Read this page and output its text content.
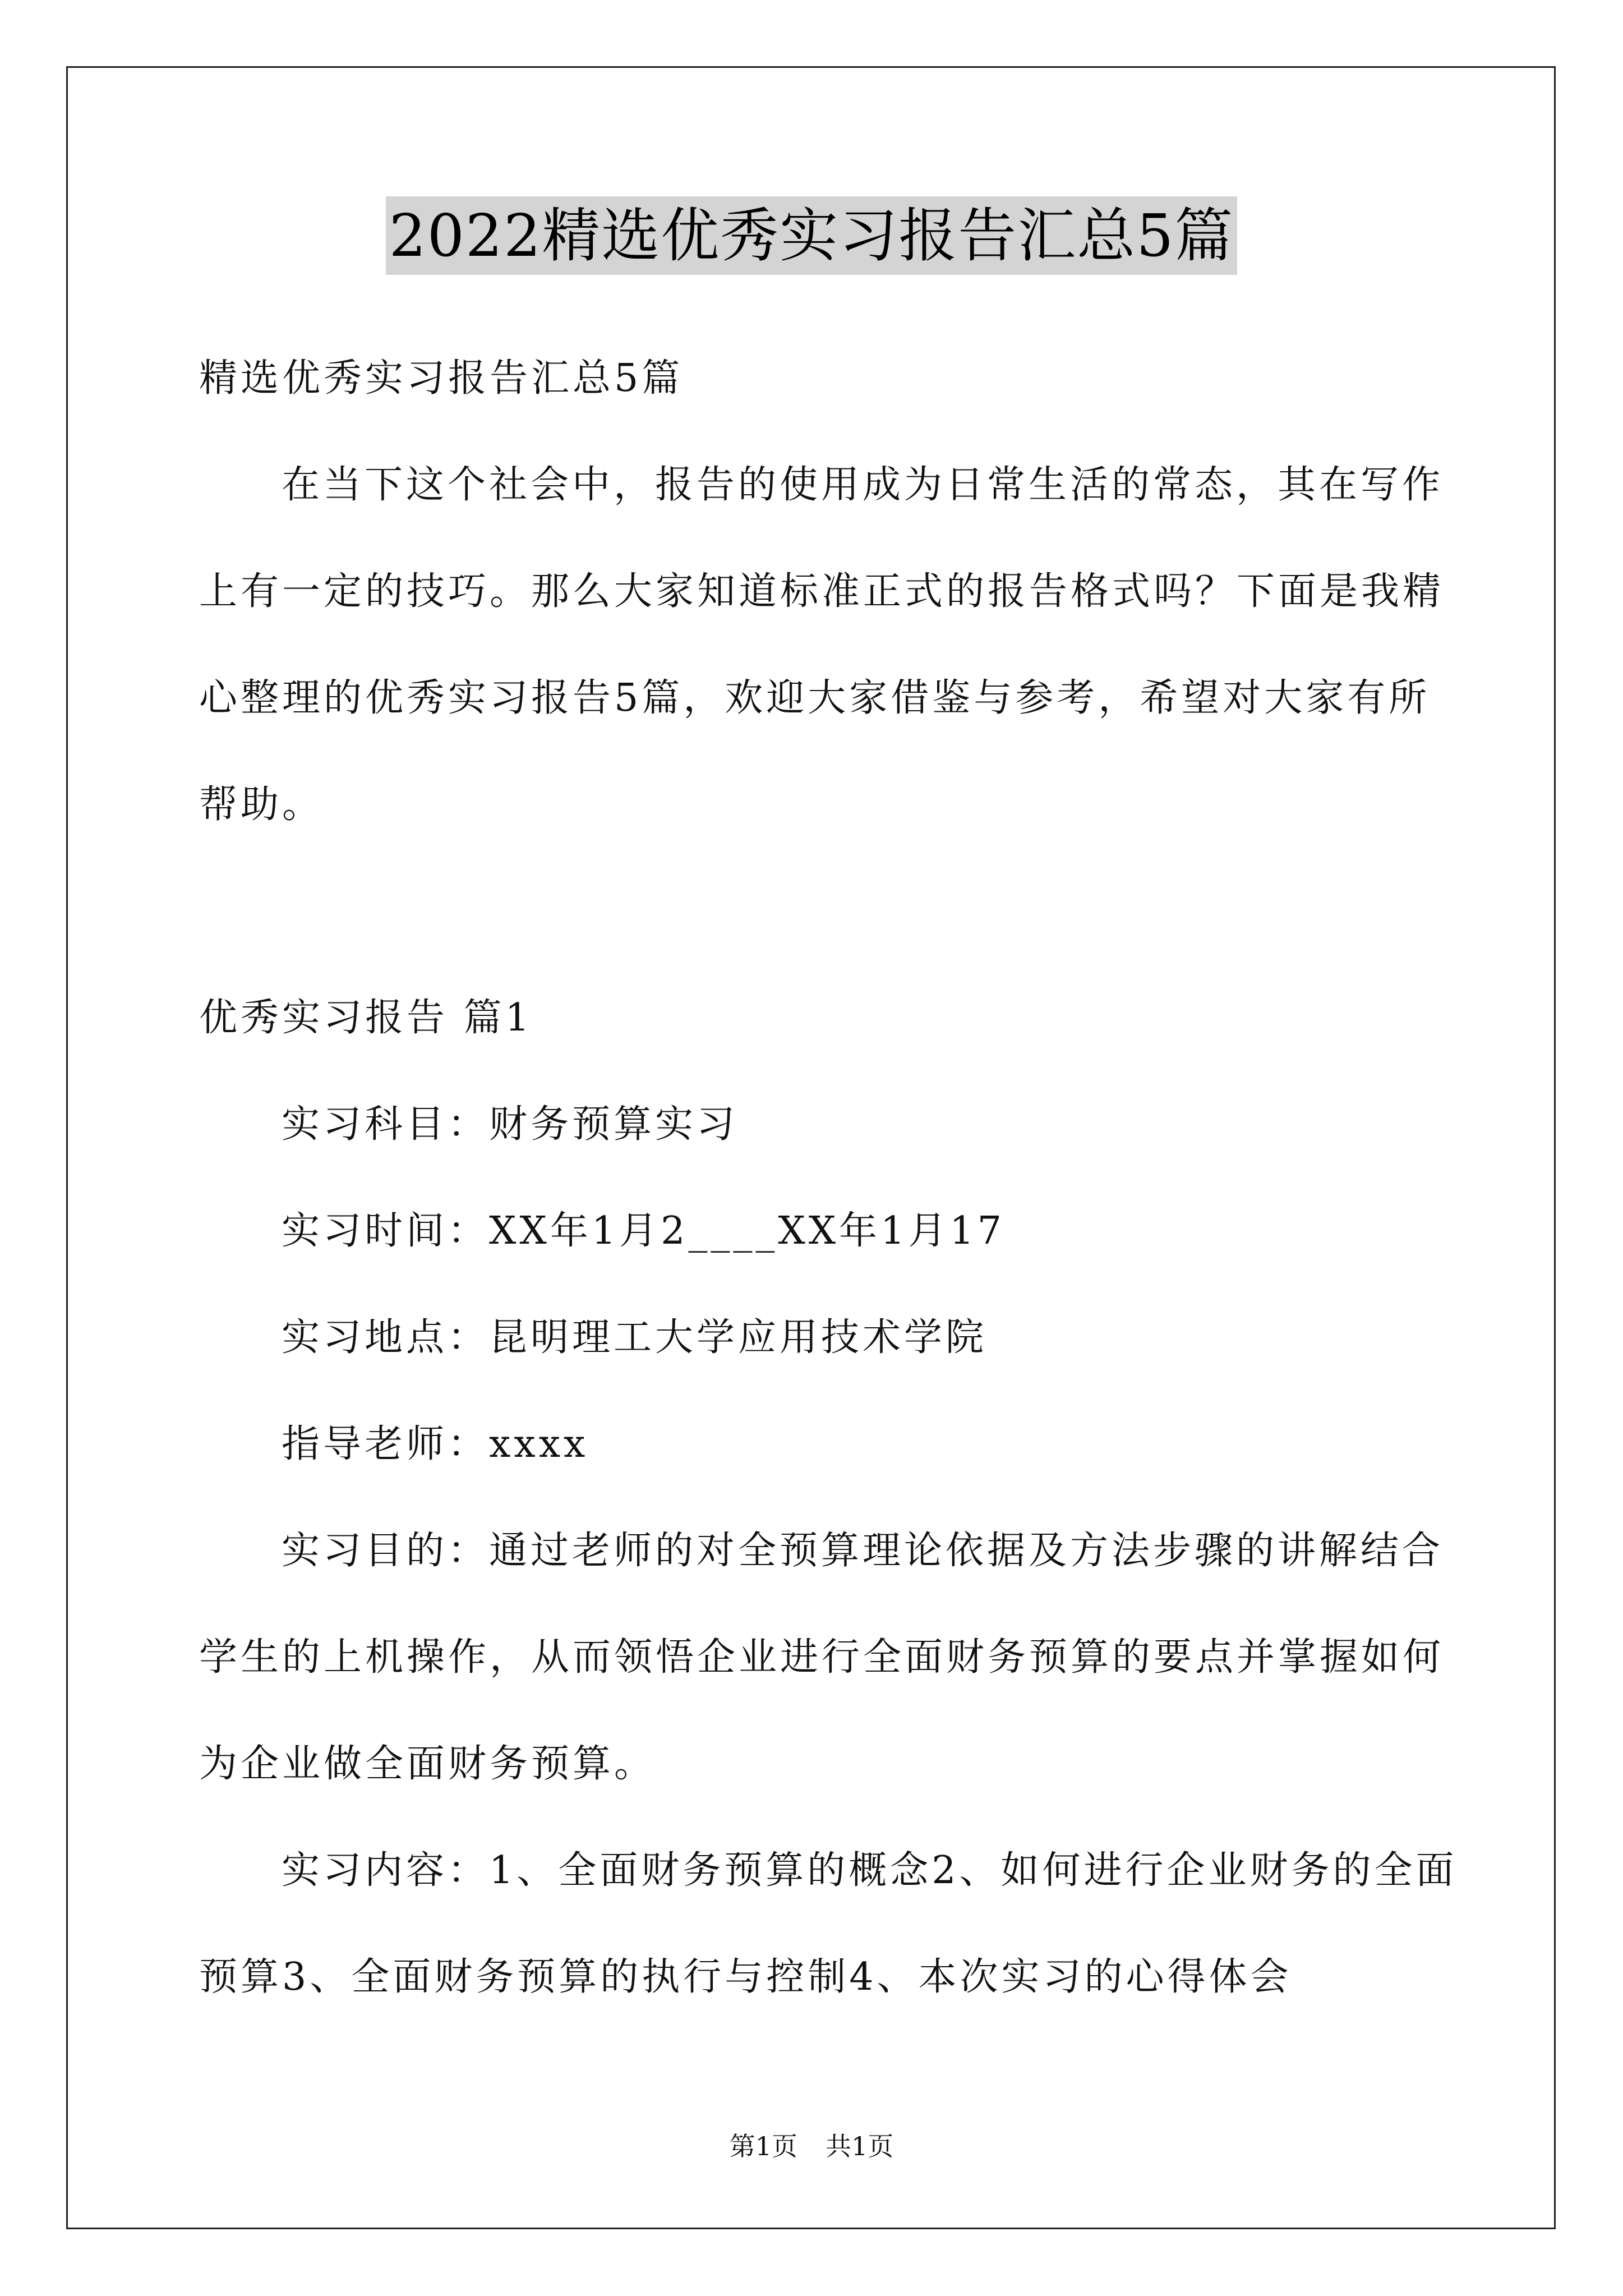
2022精选优秀实习报告汇总5篇
精选优秀实习报告汇总5篇
在当下这个社会中，报告的使用成为日常生活的常态，其在写作
上有一定的技巧。那么大家知道标准正式的报告格式吗？下面是我精
心整理的优秀实习报告5篇，欢迎大家借鉴与参考，希望对大家有所
帮助。
优秀实习报告 篇1
实习科目：财务预算实习
实习时间：XX年1月2____XX年1月17
实习地点：昆明理工大学应用技术学院
指导老师：xxxx
实习目的：通过老师的对全预算理论依据及方法步骤的讲解结合
学生的上机操作，从而领悟企业进行全面财务预算的要点并掌握如何
为企业做全面财务预算。
实习内容：1、全面财务预算的概念2、如何进行企业财务的全面
预算3、全面财务预算的执行与控制4、本次实习的心得体会
第1页 共1页
